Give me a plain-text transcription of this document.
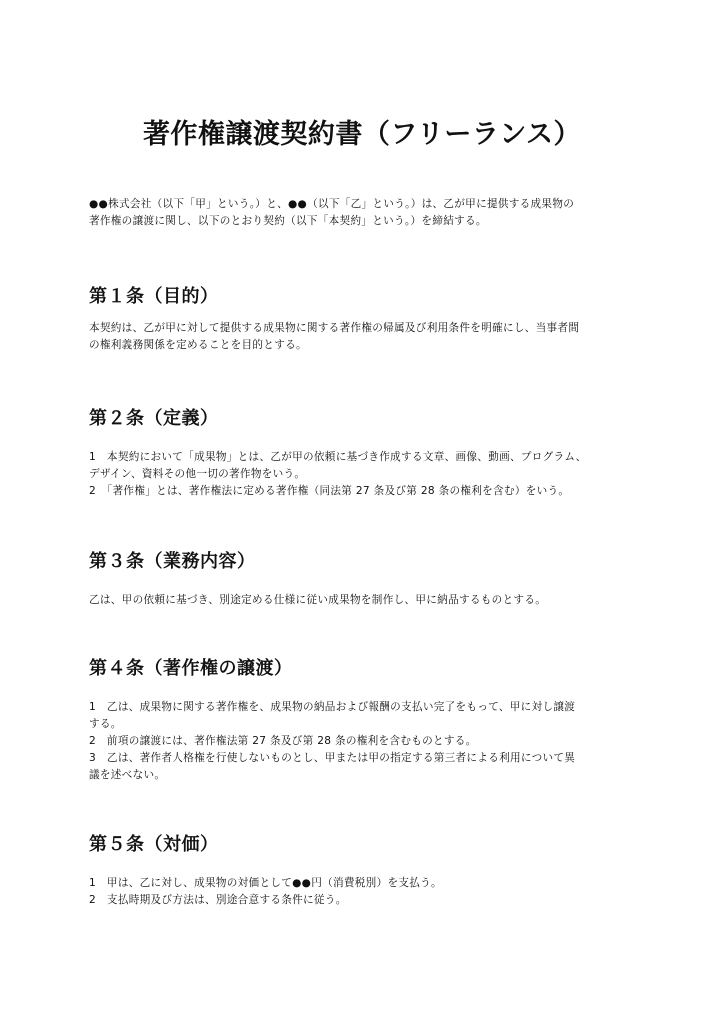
著作権譲渡契約書（フリーランス）
●●株式会社（以下「甲」という。）と、●●（以下「乙」という。）は、乙が甲に提供する成果物の
著作権の譲渡に関し、以下のとおり契約（以下「本契約」という。）を締結する。
第１条（目的）
本契約は、乙が甲に対して提供する成果物に関する著作権の帰属及び利用条件を明確にし、当事者間
の権利義務関係を定めることを目的とする。
第２条（定義）
1　本契約において「成果物」とは、乙が甲の依頼に基づき作成する文章、画像、動画、プログラム、
デザイン、資料その他一切の著作物をいう。
2　「著作権」とは、著作権法に定める著作権（同法第 27 条及び第 28 条の権利を含む）をいう。
第３条（業務内容）
乙は、甲の依頼に基づき、別途定める仕様に従い成果物を制作し、甲に納品するものとする。
第４条（著作権の譲渡）
1　乙は、成果物に関する著作権を、成果物の納品および報酬の支払い完了をもって、甲に対し譲渡
する。
2　前項の譲渡には、著作権法第 27 条及び第 28 条の権利を含むものとする。
3　乙は、著作者人格権を行使しないものとし、甲または甲の指定する第三者による利用について異
議を述べない。
第５条（対価）
1　甲は、乙に対し、成果物の対価として●●円（消費税別）を支払う。
2　支払時期及び方法は、別途合意する条件に従う。
